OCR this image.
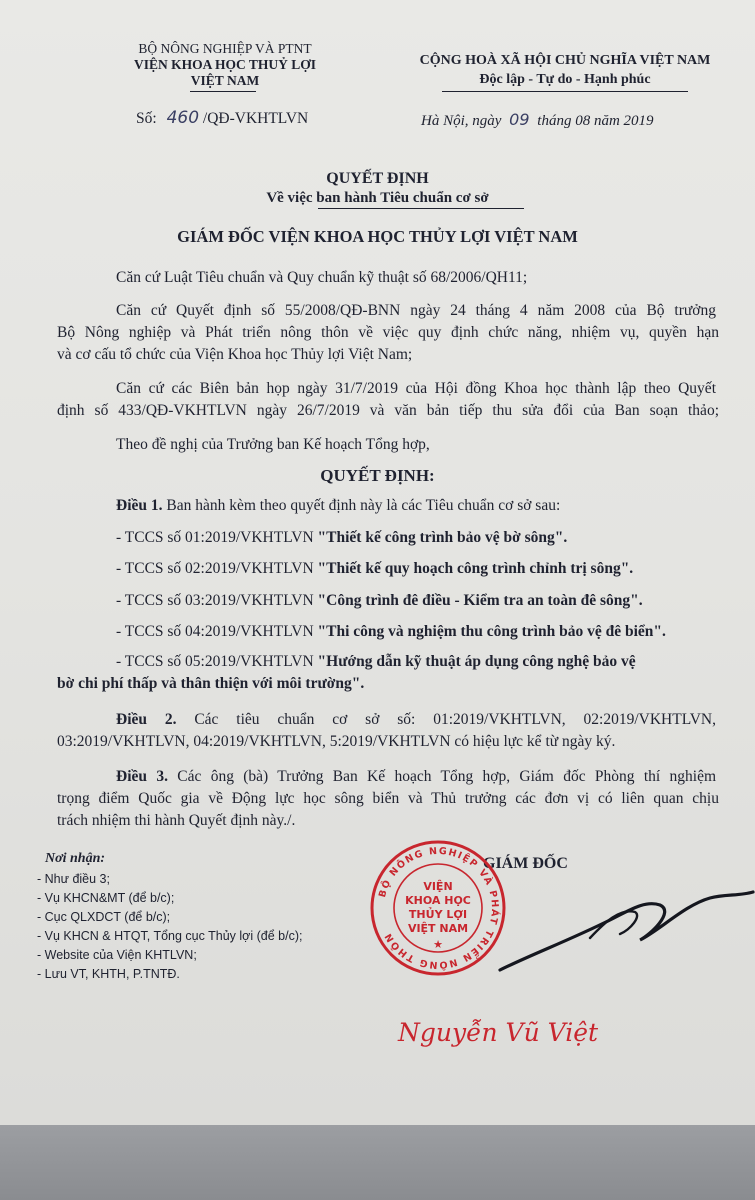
BỘ NÔNG NGHIỆP VÀ PTNT
VIỆN KHOA HỌC THUỶ LỢI
VIỆT NAM
Số: 460 /QĐ-VKHTLVN
CỘNG HOÀ XÃ HỘI CHỦ NGHĨA VIỆT NAM
Độc lập - Tự do - Hạnh phúc
Hà Nội, ngày 09 tháng 08 năm 2019
QUYẾT ĐỊNH
Về việc ban hành Tiêu chuẩn cơ sở
GIÁM ĐỐC VIỆN KHOA HỌC THỦY LỢI VIỆT NAM
Căn cứ Luật Tiêu chuẩn và Quy chuẩn kỹ thuật số 68/2006/QH11;
Căn cứ Quyết định số 55/2008/QĐ-BNN ngày 24 tháng 4 năm 2008 của Bộ trưởng
Bộ Nông nghiệp và Phát triển nông thôn về việc quy định chức năng, nhiệm vụ, quyền hạn
và cơ cấu tổ chức của Viện Khoa học Thủy lợi Việt Nam;
Căn cứ các Biên bản họp ngày 31/7/2019 của Hội đồng Khoa học thành lập theo Quyết
định số 433/QĐ-VKHTLVN ngày 26/7/2019 và văn bản tiếp thu sửa đổi của Ban soạn thảo;
Theo đề nghị của Trưởng ban Kế hoạch Tổng hợp,
QUYẾT ĐỊNH:
Điều 1. Ban hành kèm theo quyết định này là các Tiêu chuẩn cơ sở sau:
- TCCS số 01:2019/VKHTLVN "Thiết kế công trình bảo vệ bờ sông".
- TCCS số 02:2019/VKHTLVN "Thiết kế quy hoạch công trình chỉnh trị sông".
- TCCS số 03:2019/VKHTLVN "Công trình đê điều - Kiểm tra an toàn đê sông".
- TCCS số 04:2019/VKHTLVN "Thi công và nghiệm thu công trình bảo vệ đê biển".
- TCCS số 05:2019/VKHTLVN "Hướng dẫn kỹ thuật áp dụng công nghệ bảo vệ
bờ chi phí thấp và thân thiện với môi trường".
Điều 2. Các tiêu chuẩn cơ sở số: 01:2019/VKHTLVN, 02:2019/VKHTLVN,
03:2019/VKHTLVN, 04:2019/VKHTLVN, 5:2019/VKHTLVN có hiệu lực kể từ ngày ký.
Điều 3. Các ông (bà) Trưởng Ban Kế hoạch Tổng hợp, Giám đốc Phòng thí nghiệm
trọng điểm Quốc gia về Động lực học sông biển và Thủ trưởng các đơn vị có liên quan chịu
trách nhiệm thi hành Quyết định này./.
Nơi nhận:
- Như điều 3;
- Vụ KHCN&MT (để b/c);
- Cục QLXDCT (để b/c);
- Vụ KHCN & HTQT, Tổng cục Thủy lợi (để b/c);
- Website của Viện KHTLVN;
- Lưu VT, KHTH, P.TNTĐ.
GIÁM ĐỐC
BỘ NÔNG NGHIỆP VÀ PHÁT TRIỂN NÔNG THÔN
VIỆN
KHOA HỌC
THỦY LỢI
VIỆT NAM
★
Nguyễn Vũ Việt
